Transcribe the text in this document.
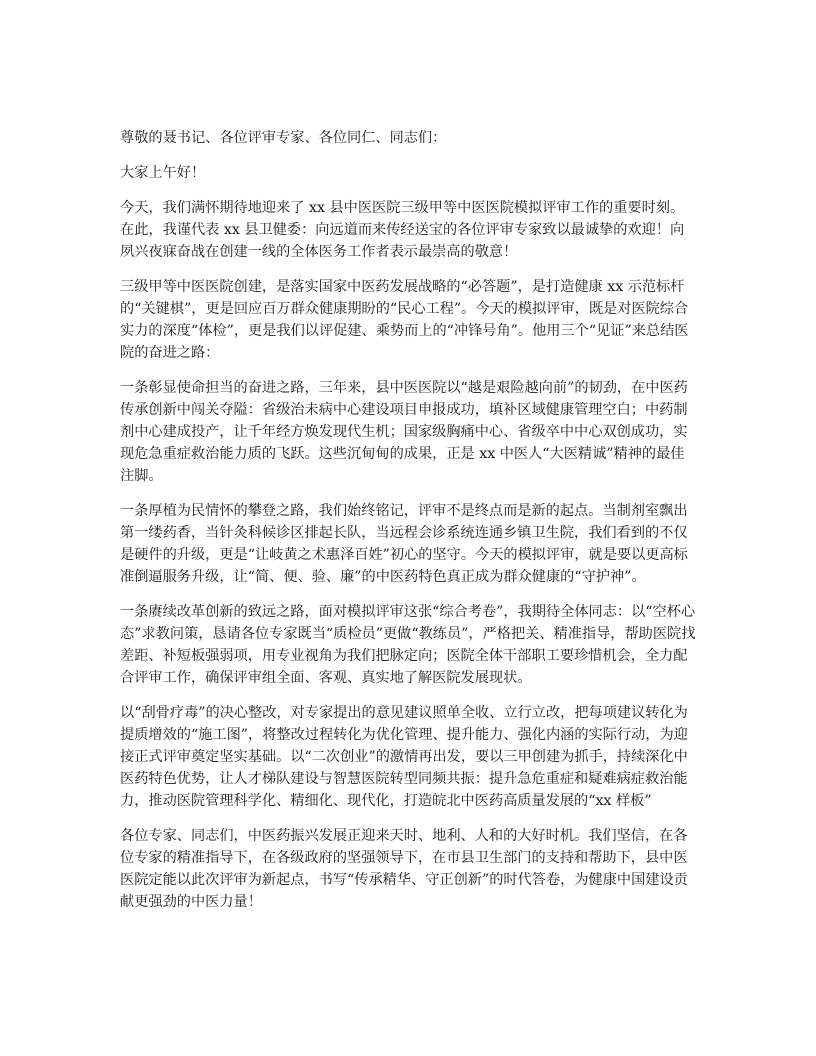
尊敬的聂书记、各位评审专家、各位同仁、同志们：

大家上午好！

今天，我们满怀期待地迎来了 xx 县中医医院三级甲等中医医院模拟评审工作的重要时刻。在此，我谨代表 xx 县卫健委：向远道而来传经送宝的各位评审专家致以最诚挚的欢迎！向夙兴夜寐奋战在创建一线的全体医务工作者表示最崇高的敬意！

三级甲等中医医院创建，是落实国家中医药发展战略的“必答题”，是打造健康 xx 示范标杆的“关键棋”，更是回应百万群众健康期盼的“民心工程”。今天的模拟评审，既是对医院综合实力的深度“体检”，更是我们以评促建、乘势而上的“冲锋号角”。他用三个“见证”来总结医院的奋进之路：

一条彰显使命担当的奋进之路，三年来，县中医医院以“越是艰险越向前”的韧劲，在中医药传承创新中闯关夺隘：省级治未病中心建设项目申报成功，填补区域健康管理空白；中药制剂中心建成投产，让千年经方焕发现代生机；国家级胸痛中心、省级卒中中心双创成功，实现危急重症救治能力质的飞跃。这些沉甸甸的成果，正是 xx 中医人“大医精诚”精神的最佳注脚。

一条厚植为民情怀的攀登之路，我们始终铭记，评审不是终点而是新的起点。当制剂室飘出第一缕药香，当针灸科候诊区排起长队，当远程会诊系统连通乡镇卫生院，我们看到的不仅是硬件的升级，更是“让岐黄之术惠泽百姓”初心的坚守。今天的模拟评审，就是要以更高标准倒逼服务升级，让“简、便、验、廉”的中医药特色真正成为群众健康的“守护神”。

一条赓续改革创新的致远之路，面对模拟评审这张“综合考卷”，我期待全体同志：以“空杯心态”求教问策，恳请各位专家既当“质检员”更做“教练员”，严格把关、精准指导，帮助医院找差距、补短板强弱项，用专业视角为我们把脉定向；医院全体干部职工要珍惜机会，全力配合评审工作，确保评审组全面、客观、真实地了解医院发展现状。

以“刮骨疗毒”的决心整改，对专家提出的意见建议照单全收、立行立改，把每项建议转化为提质增效的“施工图”，将整改过程转化为优化管理、提升能力、强化内涵的实际行动，为迎接正式评审奠定坚实基础。以“二次创业”的激情再出发，要以三甲创建为抓手，持续深化中医药特色优势，让人才梯队建设与智慧医院转型同频共振：提升急危重症和疑难病症救治能力，推动医院管理科学化、精细化、现代化，打造皖北中医药高质量发展的“xx 样板”

各位专家、同志们，中医药振兴发展正迎来天时、地利、人和的大好时机。我们坚信，在各位专家的精准指导下，在各级政府的坚强领导下，在市县卫生部门的支持和帮助下，县中医医院定能以此次评审为新起点，书写“传承精华、守正创新”的时代答卷，为健康中国建设贡献更强劲的中医力量！
